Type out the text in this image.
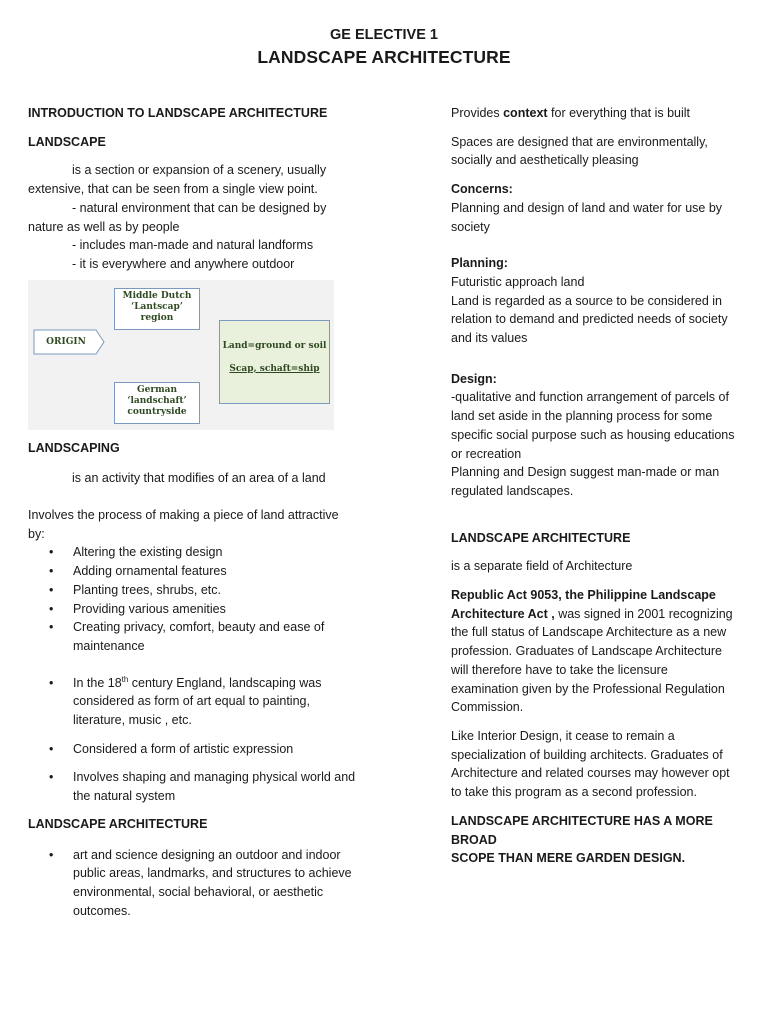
GE ELECTIVE 1
LANDSCAPE ARCHITECTURE

INTRODUCTION TO LANDSCAPE ARCHITECTURE

LANDSCAPE

is a section or expansion of a scenery, usually

extensive, that can be seen from a single view point.

- natural environment that can be designed by

nature as well as by people

- includes man-made and natural landforms

- it is everywhere and anywhere outdoor

ORIGIN
Middle Dutch
‘Lantscap’
region
German
‘landschaft’
countryside
Land=ground or soil
Scap, schaft=ship

LANDSCAPING

is an activity that modifies of an area of a land

Involves the process of making a piece of land attractive

by:

• Altering the existing design
• Adding ornamental features
• Planting trees, shrubs, etc.
• Providing various amenities
• Creating privacy, comfort, beauty and ease of
maintenance
• In the 18th century England, landscaping was
considered as form of art equal to painting,
literature, music , etc.
• Considered a form of artistic expression
• Involves shaping and managing physical world and
the natural system

LANDSCAPE ARCHITECTURE

• art and science designing an outdoor and indoor
public areas, landmarks, and structures to achieve
environmental, social behavioral, or aesthetic
outcomes.

Provides context for everything that is built

Spaces are designed that are environmentally,

socially and aesthetically pleasing

Concerns:

Planning and design of land and water for use by

society

Planning:

Futuristic approach land

Land is regarded as a source to be considered in

relation to demand and predicted needs of society

and its values

Design:

-qualitative and function arrangement of parcels of

land set aside in the planning process for some

specific social purpose such as housing educations

or recreation

Planning and Design suggest man-made or man

regulated landscapes.

LANDSCAPE ARCHITECTURE

is a separate field of Architecture

Republic Act 9053, the Philippine Landscape

Architecture Act , was signed in 2001 recognizing

the full status of Landscape Architecture as a new

profession. Graduates of Landscape Architecture

will therefore have to take the licensure

examination given by the Professional Regulation

Commission.

Like Interior Design, it cease to remain a

specialization of building architects. Graduates of

Architecture and related courses may however opt

to take this program as a second profession.

LANDSCAPE ARCHITECTURE HAS A MORE BROAD

SCOPE THAN MERE GARDEN DESIGN.
